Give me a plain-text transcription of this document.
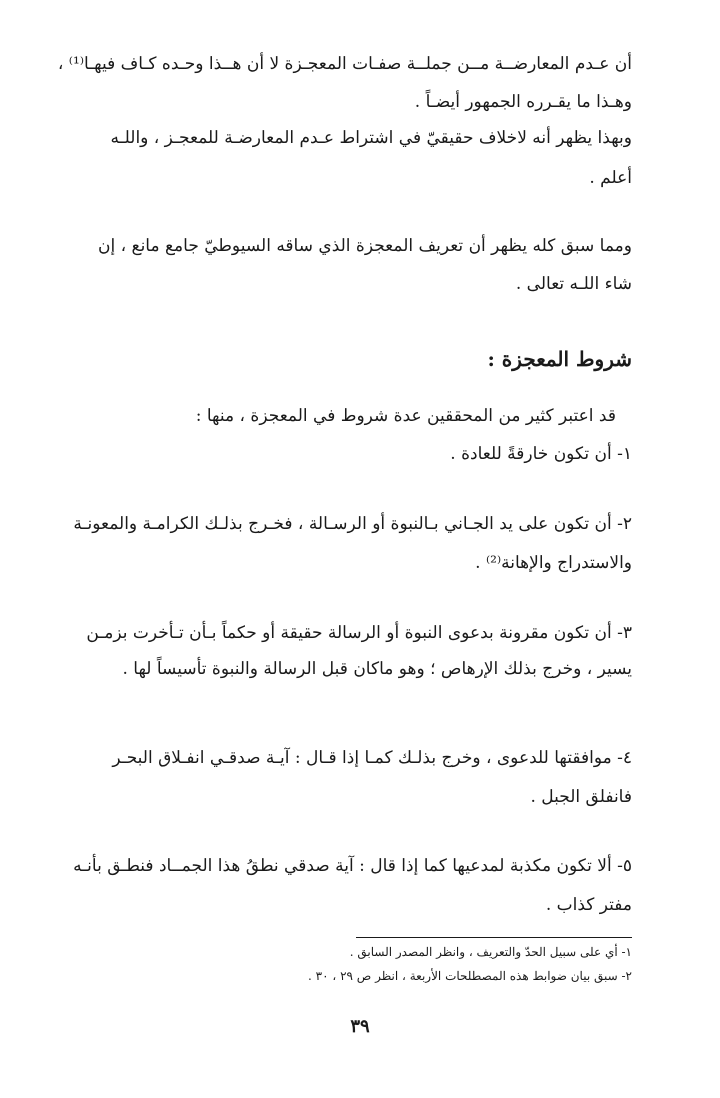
أن عـدم المعارضــة مــن جملــة صفـات المعجـزة لا أن هــذا وحـده كـاف فيهـا⁽¹⁾ ،
وهـذا ما يقـرره الجمهور أيضـاً .
وبهذا يظهر أنه لاخلاف حقيقيّ في اشتراط عـدم المعارضـة للمعجـز ، واللـه
أعلم .
ومما سبق كله يظهر أن تعريف المعجزة الذي ساقه السيوطيّ جامع مانع ، إن
شاء اللـه تعالى .
شروط المعجزة :
قد اعتبر كثير من المحققين عدة شروط في المعجزة ، منها :
١- أن تكون خارقةً للعادة .
٢- أن تكون على يد الجـاني بـالنبوة أو الرسـالة ، فخـرج بذلـك الكرامـة والمعونـة
والاستدراج والإهانة⁽²⁾ .
٣- أن تكون مقرونة بدعوى النبوة أو الرسالة حقيقة أو حكماً بـأن تـأخرت بزمـن
يسير ، وخرج بذلك الإرهاص ؛ وهو ماكان قبل الرسالة والنبوة تأسيساً لها .
٤- موافقتها للدعوى ، وخرج بذلـك كمـا إذا قـال : آيـة صدقـي انفـلاق البحـر
فانفلق الجبل .
٥- ألا تكون مكذبة لمدعيها كما إذا قال : آية صدقي نطقُ هذا الجمــاد فنطـق بأنـه
مفتر كذاب .
١- أي على سبيل الحدّ والتعريف ، وانظر المصدر السابق .
٢- سبق بيان ضوابط هذه المصطلحات الأربعة ، انظر ص ٢٩ ، ٣٠ .
٣٩
